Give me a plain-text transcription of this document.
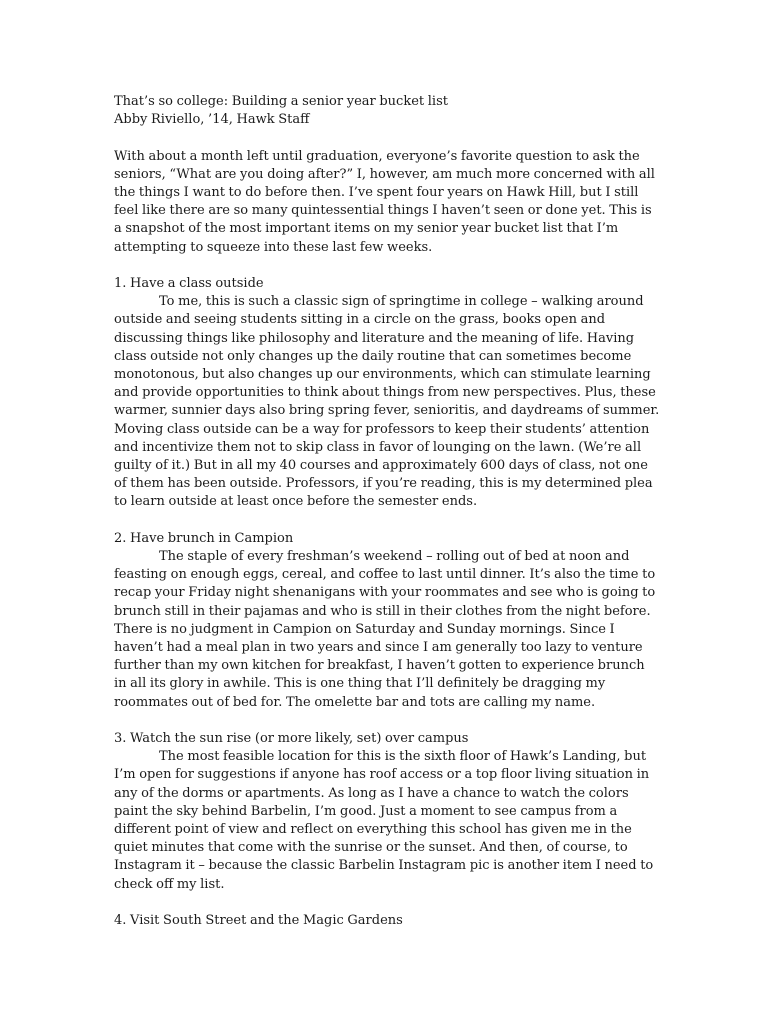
That’s so college: Building a senior year bucket list

Abby Riviello, ’14, Hawk Staff

With about a month left until graduation, everyone’s favorite question to ask the seniors, “What are you doing after?” I, however, am much more concerned with all the things I want to do before then. I’ve spent four years on Hawk Hill, but I still feel like there are so many quintessential things I haven’t seen or done yet. This is a snapshot of the most important items on my senior year bucket list that I’m attempting to squeeze into these last few weeks.

1. Have a class outside

To me, this is such a classic sign of springtime in college – walking around outside and seeing students sitting in a circle on the grass, books open and discussing things like philosophy and literature and the meaning of life. Having class outside not only changes up the daily routine that can sometimes become monotonous, but also changes up our environments, which can stimulate learning and provide opportunities to think about things from new perspectives. Plus, these warmer, sunnier days also bring spring fever, senioritis, and daydreams of summer. Moving class outside can be a way for professors to keep their students’ attention and incentivize them not to skip class in favor of lounging on the lawn. (We’re all guilty of it.) But in all my 40 courses and approximately 600 days of class, not one of them has been outside. Professors, if you’re reading, this is my determined plea to learn outside at least once before the semester ends.

2. Have brunch in Campion

The staple of every freshman’s weekend – rolling out of bed at noon and feasting on enough eggs, cereal, and coffee to last until dinner. It’s also the time to recap your Friday night shenanigans with your roommates and see who is going to brunch still in their pajamas and who is still in their clothes from the night before. There is no judgment in Campion on Saturday and Sunday mornings. Since I haven’t had a meal plan in two years and since I am generally too lazy to venture further than my own kitchen for breakfast, I haven’t gotten to experience brunch in all its glory in awhile. This is one thing that I’ll definitely be dragging my roommates out of bed for. The omelette bar and tots are calling my name.

3. Watch the sun rise (or more likely, set) over campus

The most feasible location for this is the sixth floor of Hawk’s Landing, but I’m open for suggestions if anyone has roof access or a top floor living situation in any of the dorms or apartments. As long as I have a chance to watch the colors paint the sky behind Barbelin, I’m good. Just a moment to see campus from a different point of view and reflect on everything this school has given me in the quiet minutes that come with the sunrise or the sunset. And then, of course, to Instagram it – because the classic Barbelin Instagram pic is another item I need to check off my list.

4. Visit South Street and the Magic Gardens
